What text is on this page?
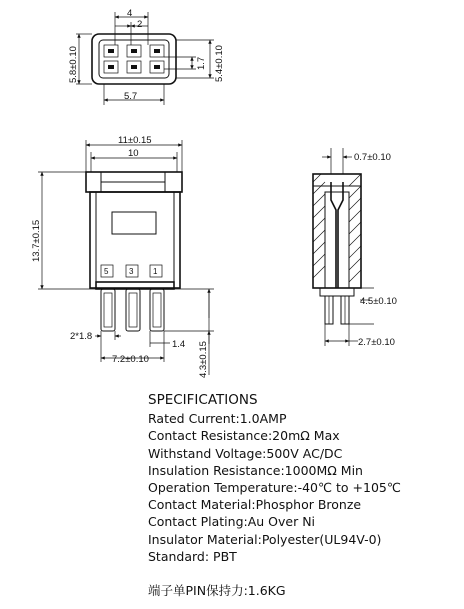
4
2
5.8±0.10	1.7 5.4±0.10
5.7
5	3 1
11±0.15
10
13.7±0.15
2*1.8
1.4
7.2±0.10	4.3±0.15
0.7±0.10
4.5±0.10
2.7±0.10
SPECIFICATIONS
Rated Current:1.0AMP
Contact Resistance:20mΩ Max
Withstand Voltage:500V AC/DC
Insulation Resistance:1000MΩ Min
Operation Temperature:-40℃ to +105℃
Contact Material:Phosphor Bronze
Contact Plating:Au Over Ni
Insulator Material:Polyester(UL94V-0)
Standard: PBT
端子单PIN保持力:1.6KG
